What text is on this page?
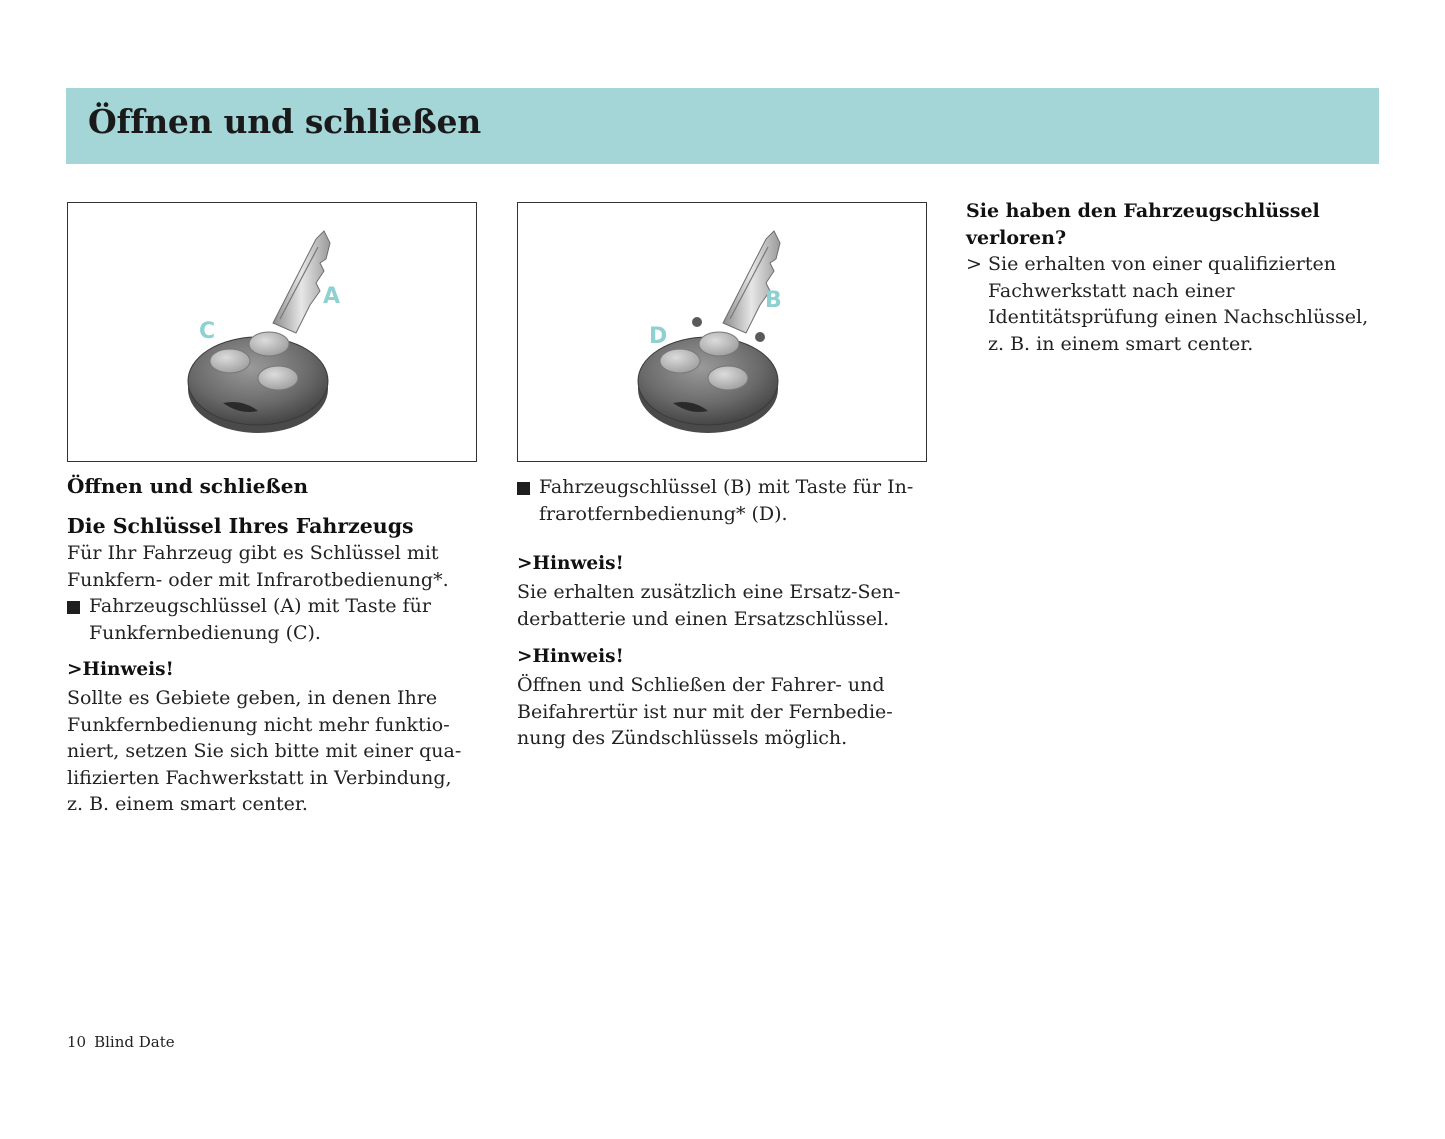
Öffnen und schließen
A
C
B
D
Öffnen und schließen
Die Schlüssel Ihres Fahrzeugs
Für Ihr Fahrzeug gibt es Schlüssel mit
Funkfern- oder mit Infrarotbedienung*.
Fahrzeugschlüssel (A) mit Taste für
Funkfernbedienung (C).
>Hinweis!
Sollte es Gebiete geben, in denen Ihre
Funkfernbedienung nicht mehr funktio-
niert, setzen Sie sich bitte mit einer qua-
lifizierten Fachwerkstatt in Verbindung,
z. B. einem smart center.
Fahrzeugschlüssel (B) mit Taste für In-
frarotfernbedienung* (D).
>Hinweis!
Sie erhalten zusätzlich eine Ersatz-Sen-
derbatterie und einen Ersatzschlüssel.
>Hinweis!
Öffnen und Schließen der Fahrer- und
Beifahrertür ist nur mit der Fernbedie-
nung des Zündschlüssels möglich.
Sie haben den Fahrzeugschlüssel
verloren?
> Sie erhalten von einer qualifizierten
Fachwerkstatt nach einer
Identitätsprüfung einen Nachschlüssel,
z. B. in einem smart center.
10 Blind Date
